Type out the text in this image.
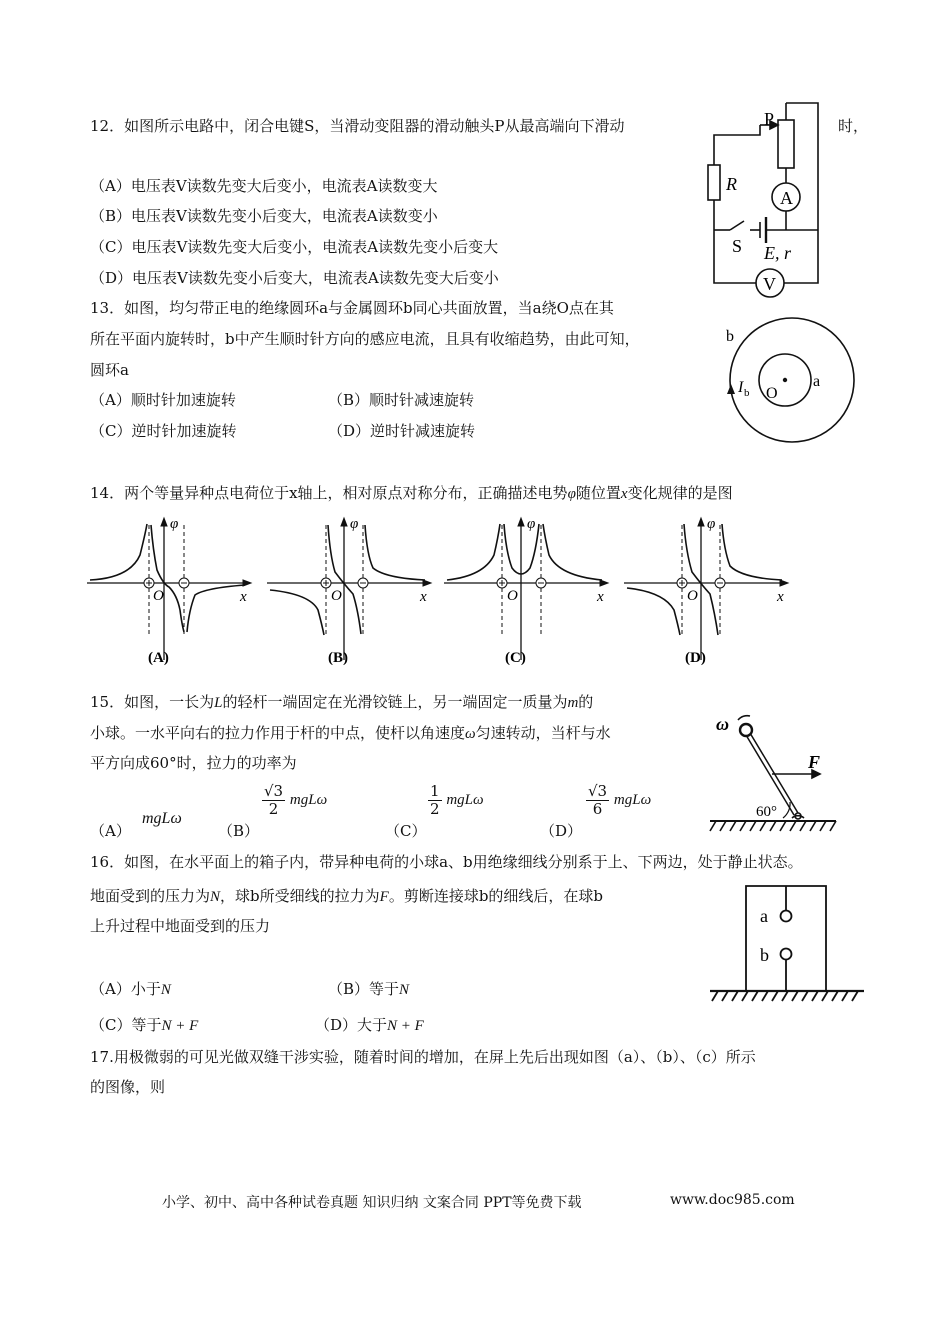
12．如图所示电路中，闭合电键S，当滑动变阻器的滑动触头P从最高端向下滑动	时，
（A）电压表V读数先变大后变小，电流表A读数变大
（B）电压表V读数先变小后变大，电流表A读数变小
（C）电压表V读数先变大后变小，电流表A读数先变小后变大
（D）电压表V读数先变小后变大，电流表A读数先变大后变小
P
A
R
S E, r
V
13．如图，均匀带正电的绝缘圆环a与金属圆环b同心共面放置，当a绕O点在其
所在平面内旋转时，b中产生顺时针方向的感应电流，且具有收缩趋势，由此可知，
圆环a
（A）顺时针加速旋转	（B）顺时针减速旋转
（C）逆时针加速旋转	（D）逆时针减速旋转
b
I b O
a
14．两个等量异种点电荷位于x轴上，相对原点对称分布，正确描述电势φ随位置x变化规律的是图
φ
x
O
(A)
φ
x
O
(B)
φ
x
O
(C)
φ
x
O
(D)
15．如图，一长为L的轻杆一端固定在光滑铰链上，另一端固定一质量为m的
小球。一水平向右的拉力作用于杆的中点，使杆以角速度ω匀速转动，当杆与水
平方向成60°时，拉力的功率为
（A）
mgLω
（B）
$\frac{√3}{2}$ mgLω
（C）
$\frac{1}{2}$ mgLω
（D）
$\frac{√3}{6}$ mgLω
ω
F
60°
16．如图，在水平面上的箱子内，带异种电荷的小球a、b用绝缘细线分别系于上、下两边，处于静止状态。
地面受到的压力为N，球b所受细线的拉力为F。剪断连接球b的细线后，在球b
上升过程中地面受到的压力
（A）小于N	（B）等于N
（C）等于N + F	（D）大于N + F
a
b
17.用极微弱的可见光做双缝干涉实验，随着时间的增加，在屏上先后出现如图（a）、（b）、（c）所示
的图像，则
小学、初中、高中各种试卷真题 知识归纳 文案合同 PPT等免费下载	www.doc985.com
